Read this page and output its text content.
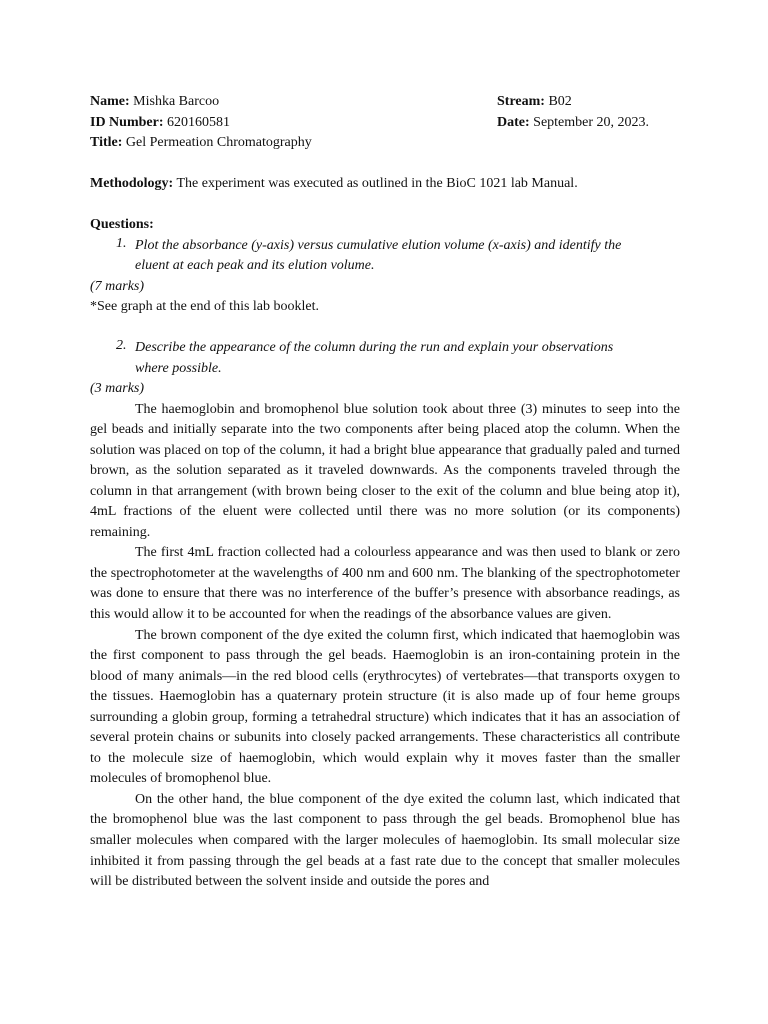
Name: Mishka Barcoo	Stream: B02
ID Number: 620160581	Date: September 20, 2023.
Title: Gel Permeation Chromatography
Methodology: The experiment was executed as outlined in the BioC 1021 lab Manual.
Questions:
1. Plot the absorbance (y-axis) versus cumulative elution volume (x-axis) and identify the
eluent at each peak and its elution volume.
(7 marks)
*See graph at the end of this lab booklet.
2. Describe the appearance of the column during the run and explain your observations
where possible.
(3 marks)

The haemoglobin and bromophenol blue solution took about three (3) minutes to seep into the gel beads and initially separate into the two components after being placed atop the column. When the solution was placed on top of the column, it had a bright blue appearance that gradually paled and turned brown, as the solution separated as it traveled downwards. As the components traveled through the column in that arrangement (with brown being closer to the exit of the column and blue being atop it), 4mL fractions of the eluent were collected until there was no more solution (or its components) remaining.

The first 4mL fraction collected had a colourless appearance and was then used to blank or zero the spectrophotometer at the wavelengths of 400 nm and 600 nm. The blanking of the spectrophotometer was done to ensure that there was no interference of the buffer’s presence with absorbance readings, as this would allow it to be accounted for when the readings of the absorbance values are given.

The brown component of the dye exited the column first, which indicated that haemoglobin was the first component to pass through the gel beads. Haemoglobin is an iron-containing protein in the blood of many animals—in the red blood cells (erythrocytes) of vertebrates—that transports oxygen to the tissues. Haemoglobin has a quaternary protein structure (it is also made up of four heme groups surrounding a globin group, forming a tetrahedral structure) which indicates that it has an association of several protein chains or subunits into closely packed arrangements. These characteristics all contribute to the molecule size of haemoglobin, which would explain why it moves faster than the smaller molecules of bromophenol blue.

On the other hand, the blue component of the dye exited the column last, which indicated that the bromophenol blue was the last component to pass through the gel beads. Bromophenol blue has smaller molecules when compared with the larger molecules of haemoglobin. Its small molecular size inhibited it from passing through the gel beads at a fast rate due to the concept that smaller molecules will be distributed between the solvent inside and outside the pores and
